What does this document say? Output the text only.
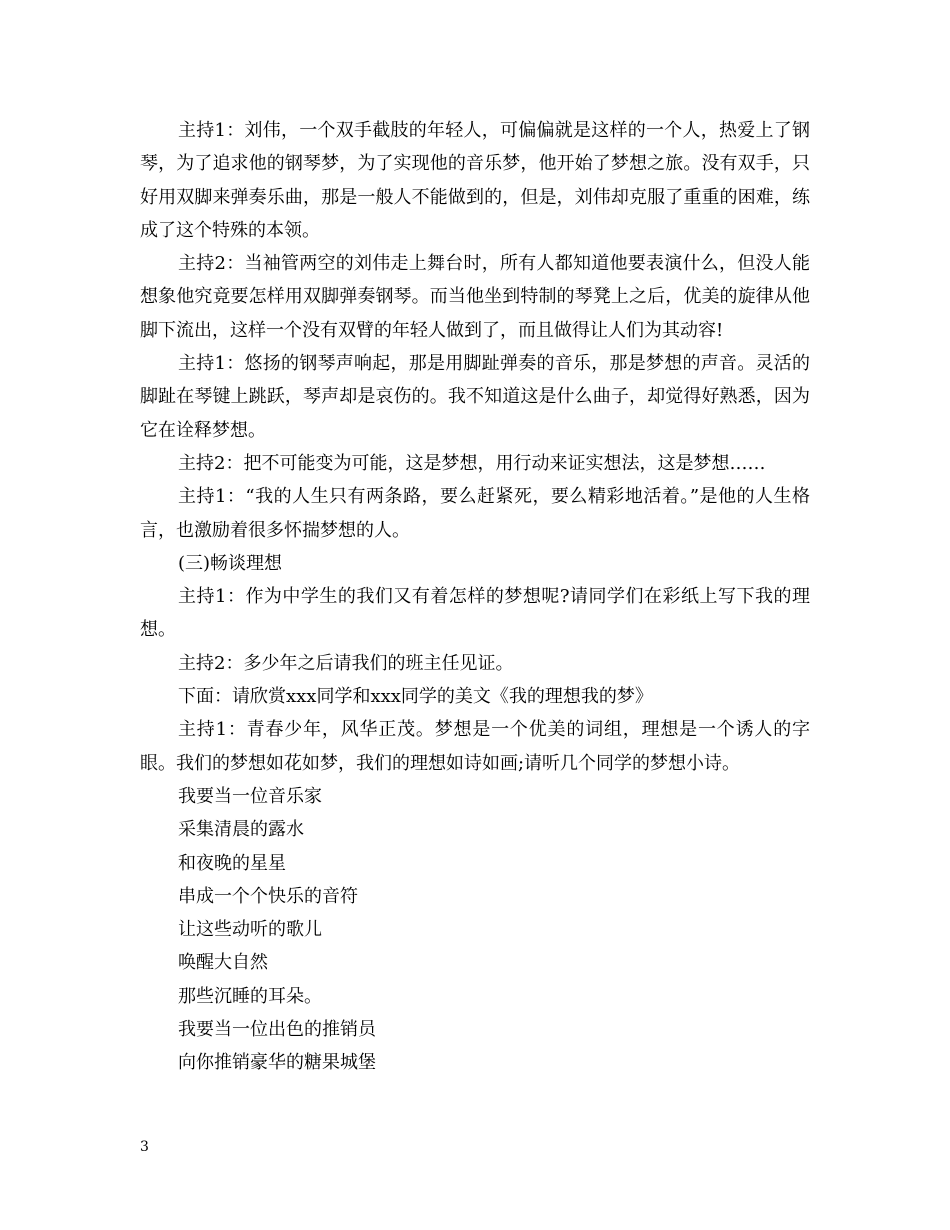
主持1：刘伟，一个双手截肢的年轻人，可偏偏就是这样的一个人，热爱上了钢琴，为了追求他的钢琴梦，为了实现他的音乐梦，他开始了梦想之旅。没有双手，只好用双脚来弹奏乐曲，那是一般人不能做到的，但是，刘伟却克服了重重的困难，练成了这个特殊的本领。

主持2：当袖管两空的刘伟走上舞台时，所有人都知道他要表演什么，但没人能想象他究竟要怎样用双脚弹奏钢琴。而当他坐到特制的琴凳上之后，优美的旋律从他脚下流出，这样一个没有双臂的年轻人做到了，而且做得让人们为其动容!

主持1：悠扬的钢琴声响起，那是用脚趾弹奏的音乐，那是梦想的声音。灵活的脚趾在琴键上跳跃，琴声却是哀伤的。我不知道这是什么曲子，却觉得好熟悉，因为它在诠释梦想。

主持2：把不可能变为可能，这是梦想，用行动来证实想法，这是梦想……

主持1：“我的人生只有两条路，要么赶紧死，要么精彩地活着。”是他的人生格言，也激励着很多怀揣梦想的人。

(三)畅谈理想

主持1：作为中学生的我们又有着怎样的梦想呢?请同学们在彩纸上写下我的理想。

主持2：多少年之后请我们的班主任见证。

下面：请欣赏xxx同学和xxx同学的美文《我的理想我的梦》

主持1：青春少年，风华正茂。梦想是一个优美的词组，理想是一个诱人的字眼。我们的梦想如花如梦，我们的理想如诗如画;请听几个同学的梦想小诗。

我要当一位音乐家

采集清晨的露水

和夜晚的星星

串成一个个快乐的音符

让这些动听的歌儿

唤醒大自然

那些沉睡的耳朵。

我要当一位出色的推销员

向你推销豪华的糖果城堡

3
